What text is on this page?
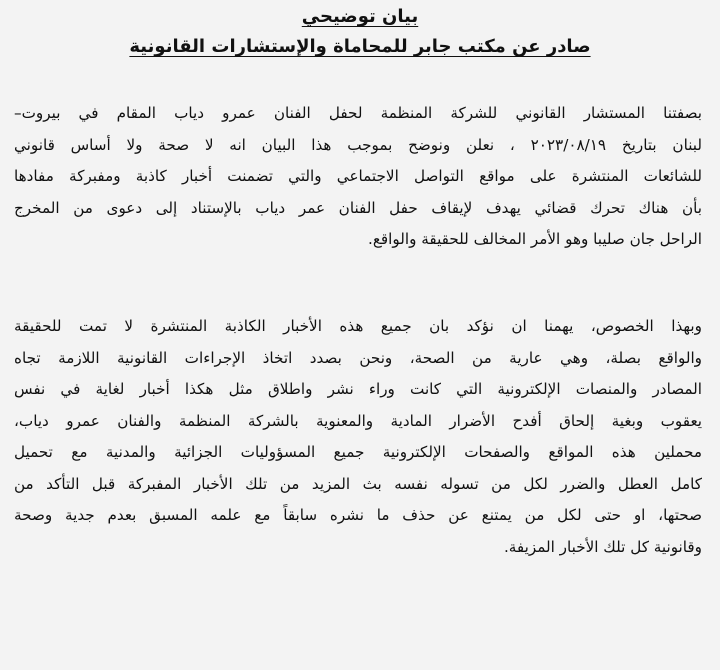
بيان توضيحي
صادر عن مكتب جابر للمحاماة والإستشارات القانونية

بصفتنا المستشار القانوني للشركة المنظمة لحفل الفنان عمرو دياب المقام في بيروت–
لبنان بتاريخ ٢٠٢٣/٠٨/١٩ ، نعلن ونوضح بموجب هذا البيان انه لا صحة ولا أساس قانوني
للشائعات المنتشرة على مواقع التواصل الاجتماعي والتي تضمنت أخبار كاذبة ومفبركة مفادها
بأن هناك تحرك قضائي يهدف لإيقاف حفل الفنان عمر دياب بالإستناد إلى دعوى من المخرج
الراحل جان صليبا وهو الأمر المخالف للحقيقة والواقع.

وبهذا الخصوص، يهمنا ان نؤكد بان جميع هذه الأخبار الكاذبة المنتشرة لا تمت للحقيقة
والواقع بصلة، وهي عارية من الصحة، ونحن بصدد اتخاذ الإجراءات القانونية اللازمة تجاه
المصادر والمنصات الإلكترونية التي كانت وراء نشر واطلاق مثل هكذا أخبار لغاية في نفس
يعقوب وبغية إلحاق أفدح الأضرار المادية والمعنوية بالشركة المنظمة والفنان عمرو دياب،
محملين هذه المواقع والصفحات الإلكترونية جميع المسؤوليات الجزائية والمدنية مع تحميل
كامل العطل والضرر لكل من تسوله نفسه بث المزيد من تلك الأخبار المفبركة قبل التأكد من
صحتها، او حتى لكل من يمتنع عن حذف ما نشره سابقاً مع علمه المسبق بعدم جدية وصحة
وقانونية كل تلك الأخبار المزيفة.
